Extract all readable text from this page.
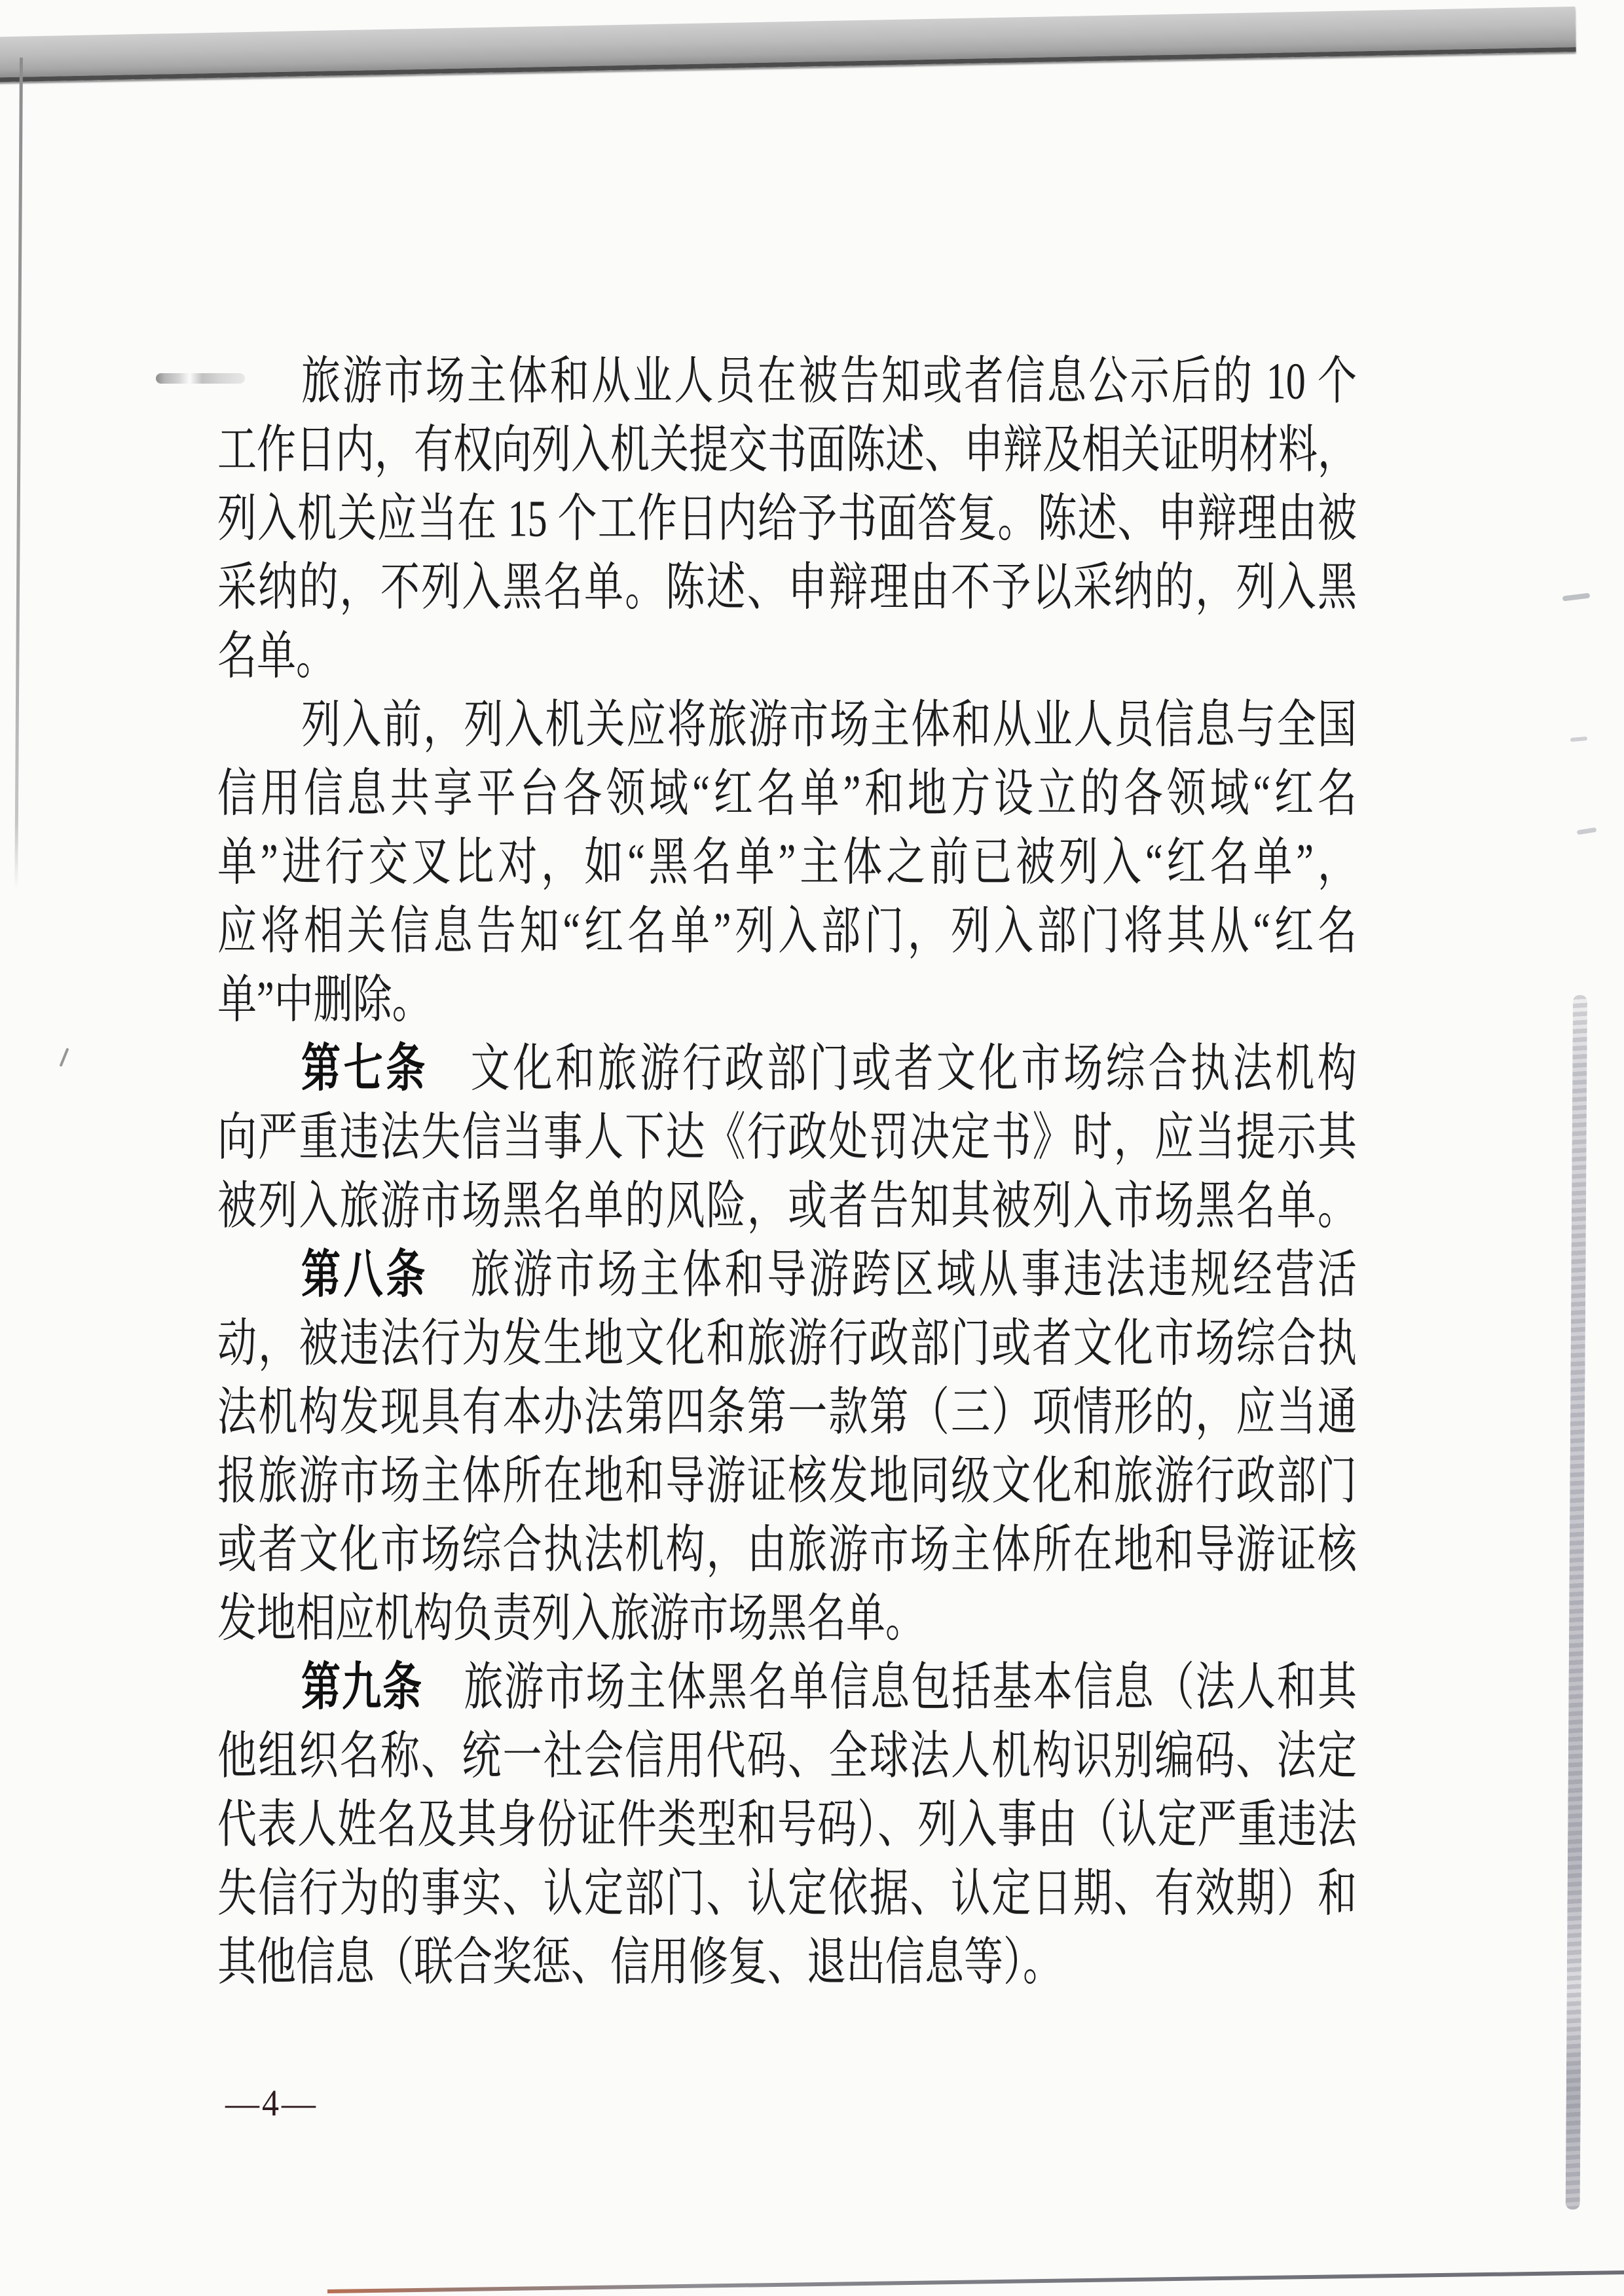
旅游市场主体和从业人员在被告知或者信息公示后的 10 个
工作日内，有权向列入机关提交书面陈述、申辩及相关证明材料，
列入机关应当在 15 个工作日内给予书面答复。陈述、申辩理由被
采纳的，不列入黑名单。陈述、申辩理由不予以采纳的，列入黑
名单。
列入前，列入机关应将旅游市场主体和从业人员信息与全国
信用信息共享平台各领域“红名单”和地方设立的各领域“红名
单”进行交叉比对，如“黑名单”主体之前已被列入“红名单”，
应将相关信息告知“红名单”列入部门，列入部门将其从“红名
单”中删除。
第七条　文化和旅游行政部门或者文化市场综合执法机构
向严重违法失信当事人下达《行政处罚决定书》时，应当提示其
被列入旅游市场黑名单的风险，或者告知其被列入市场黑名单。
第八条　旅游市场主体和导游跨区域从事违法违规经营活
动，被违法行为发生地文化和旅游行政部门或者文化市场综合执
法机构发现具有本办法第四条第一款第（三）项情形的，应当通
报旅游市场主体所在地和导游证核发地同级文化和旅游行政部门
或者文化市场综合执法机构，由旅游市场主体所在地和导游证核
发地相应机构负责列入旅游市场黑名单。
第九条　旅游市场主体黑名单信息包括基本信息（法人和其
他组织名称、统一社会信用代码、全球法人机构识别编码、法定
代表人姓名及其身份证件类型和号码）、列入事由（认定严重违法
失信行为的事实、认定部门、认定依据、认定日期、有效期）和
其他信息（联合奖惩、信用修复、退出信息等）。
—4—
